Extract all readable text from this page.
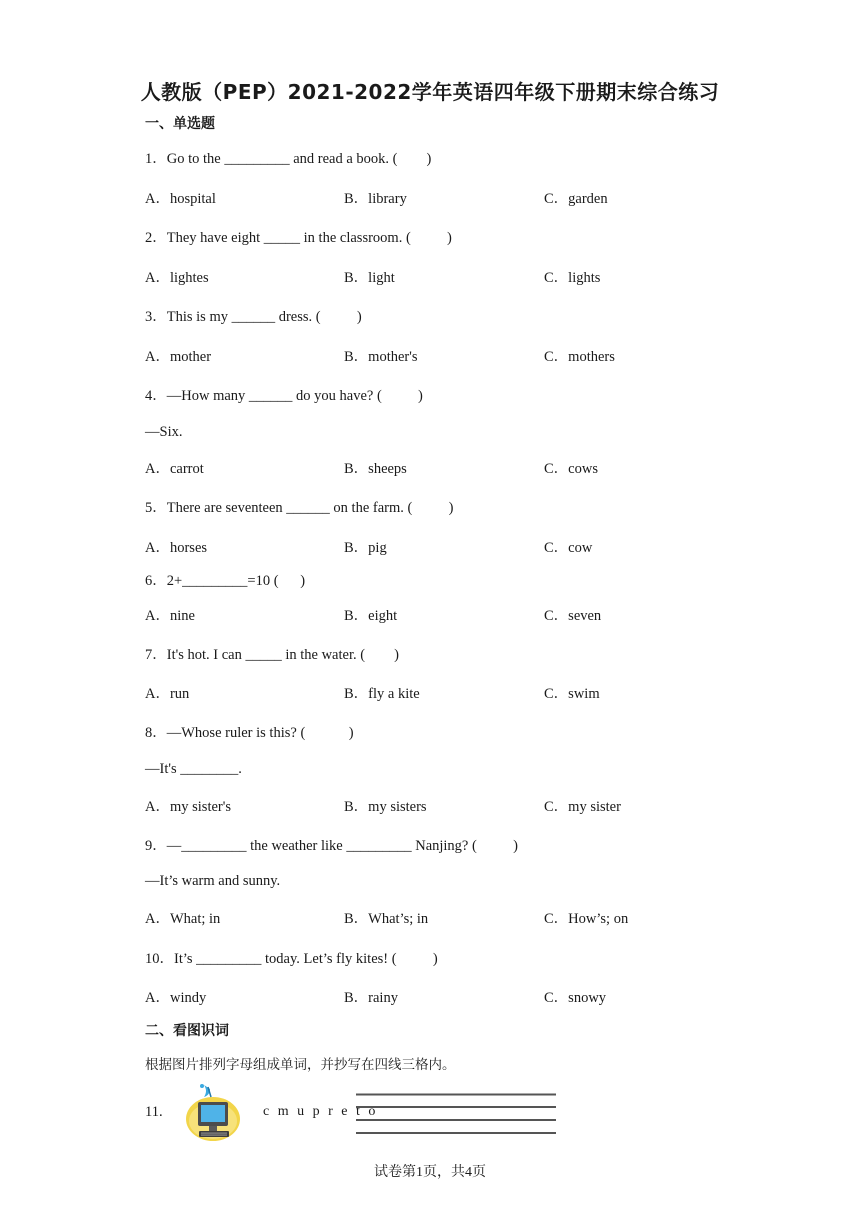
人教版（PEP）2021-2022学年英语四年级下册期末综合练习
一、单选题
1．Go to the _________ and read a book. (        )
A．hospital	B．library	C．garden
2．They have eight _____ in the classroom. (          )
A．lightes	B．light	C．lights
3．This is my ______ dress. (          )
A．mother	B．mother's	C．mothers
4．—How many ______ do you have? (          )
—Six.
A．carrot	B．sheeps	C．cows
5．There are seventeen ______ on the farm. (          )
A．horses	B．pig	C．cow
6．2+_________=10 (      )
A．nine	B．eight	C．seven
7．It's hot. I can _____ in the water. (        )
A．run	B．fly a kite	C．swim
8．—Whose ruler is this? (            )
—It's ________.
A．my sister's	B．my sisters	C．my sister
9．—_________ the weather like _________ Nanjing? (          )
—It’s warm and sunny.
A．What; in	B．What’s; in	C．How’s; on
10．It’s _________ today. Let’s fly kites! (          )
A．windy	B．rainy	C．snowy
二、看图识词
根据图片排列字母组成单词，并抄写在四线三格内。
11.	c m u p r e t o
试卷第1页，共4页
